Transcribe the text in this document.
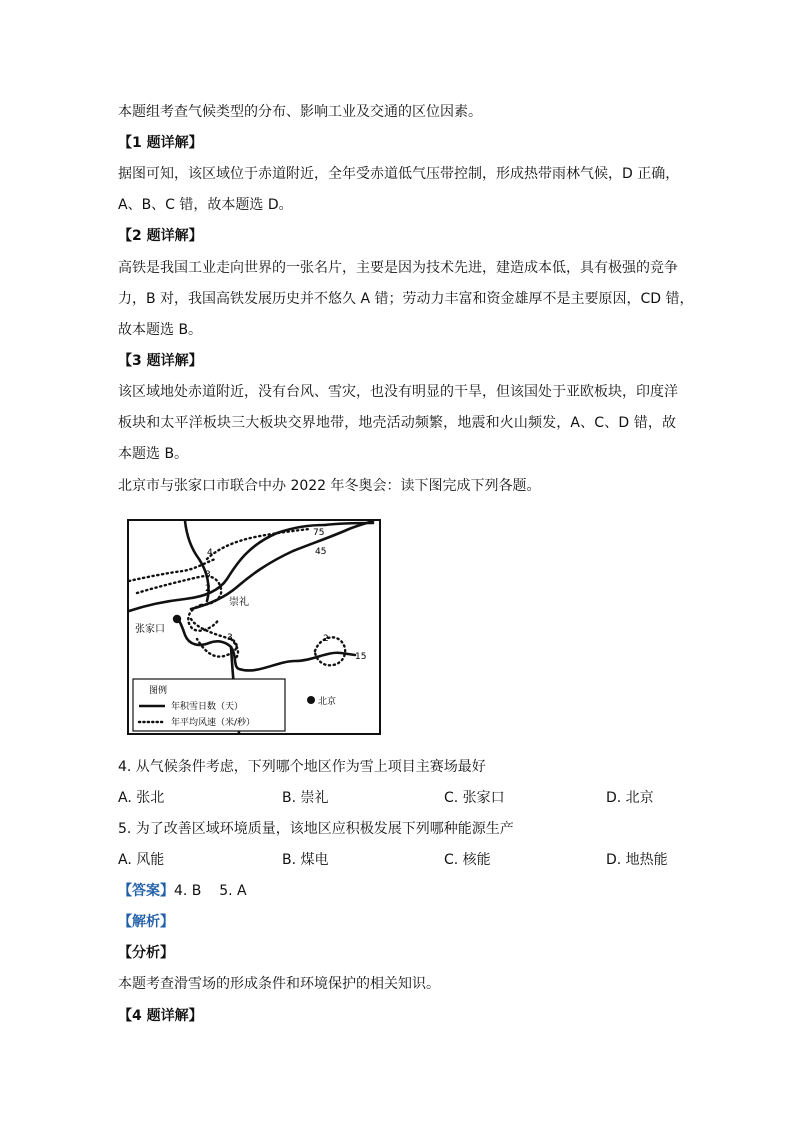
本题组考查气候类型的分布、影响工业及交通的区位因素。
【1 题详解】
据图可知，该区域位于赤道附近，全年受赤道低气压带控制，形成热带雨林气候，D 正确，
A、B、C 错，故本题选 D。
【2 题详解】
高铁是我国工业走向世界的一张名片，主要是因为技术先进，建造成本低，具有极强的竞争
力，B 对，我国高铁发展历史并不悠久 A 错；劳动力丰富和资金雄厚不是主要原因，CD 错，
故本题选 B。
【3 题详解】
该区域地处赤道附近，没有台风、雪灾，也没有明显的干旱，但该国处于亚欧板块，印度洋
板块和太平洋板块三大板块交界地带，地壳活动频繁，地震和火山频发，A、C、D 错，故
本题选 B。
北京市与张家口市联合中办 2022 年冬奥会：读下图完成下列各题。
75
45
4
3
2
3	2
15
崇礼
张家口
北京
图例
年积雪日数（天）
年平均风速（米/秒）
4. 从气候条件考虑，下列哪个地区作为雪上项目主赛场最好
A. 张北	B. 崇礼	C. 张家口	D. 北京
5. 为了改善区域环境质量，该地区应积极发展下列哪种能源生产
A. 风能	B. 煤电	C. 核能	D. 地热能
【答案】4. B    5. A
【解析】
【分析】
本题考查滑雪场的形成条件和环境保护的相关知识。
【4 题详解】
